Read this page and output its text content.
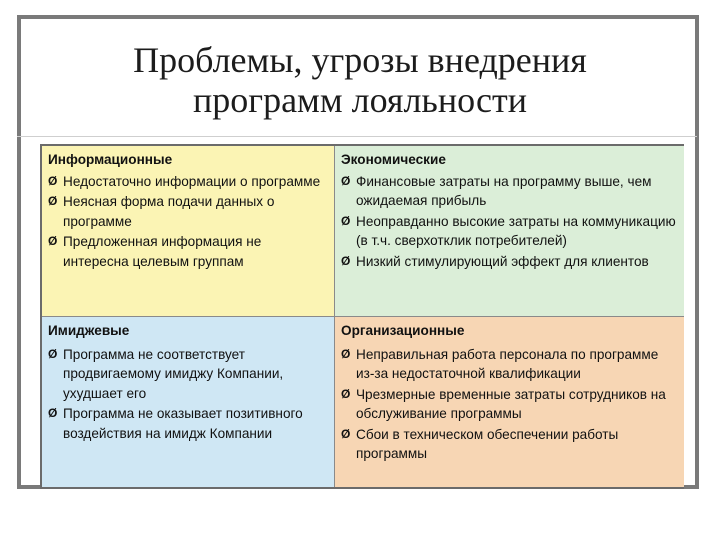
Проблемы, угрозы внедрения
программ лояльности
Информационные
Ø Недостаточно информации о программе
Ø Неясная форма подачи данных о программе
Ø Предложенная информация не интересна целевым группам
Экономические
Ø Финансовые затраты на программу выше, чем ожидаемая прибыль
Ø Неоправданно высокие затраты на коммуникацию (в т.ч. сверхотклик потребителей)
Ø Низкий стимулирующий эффект для клиентов
Имиджевые
Ø Программа не соответствует продвигаемому имиджу Компании, ухудшает его
Ø Программа не оказывает позитивного воздействия на имидж Компании
Организационные
Ø Неправильная работа персонала по программе из-за недостаточной квалификации
Ø Чрезмерные временные затраты сотрудников на обслуживание программы
Ø Сбои в техническом обеспечении работы программы
